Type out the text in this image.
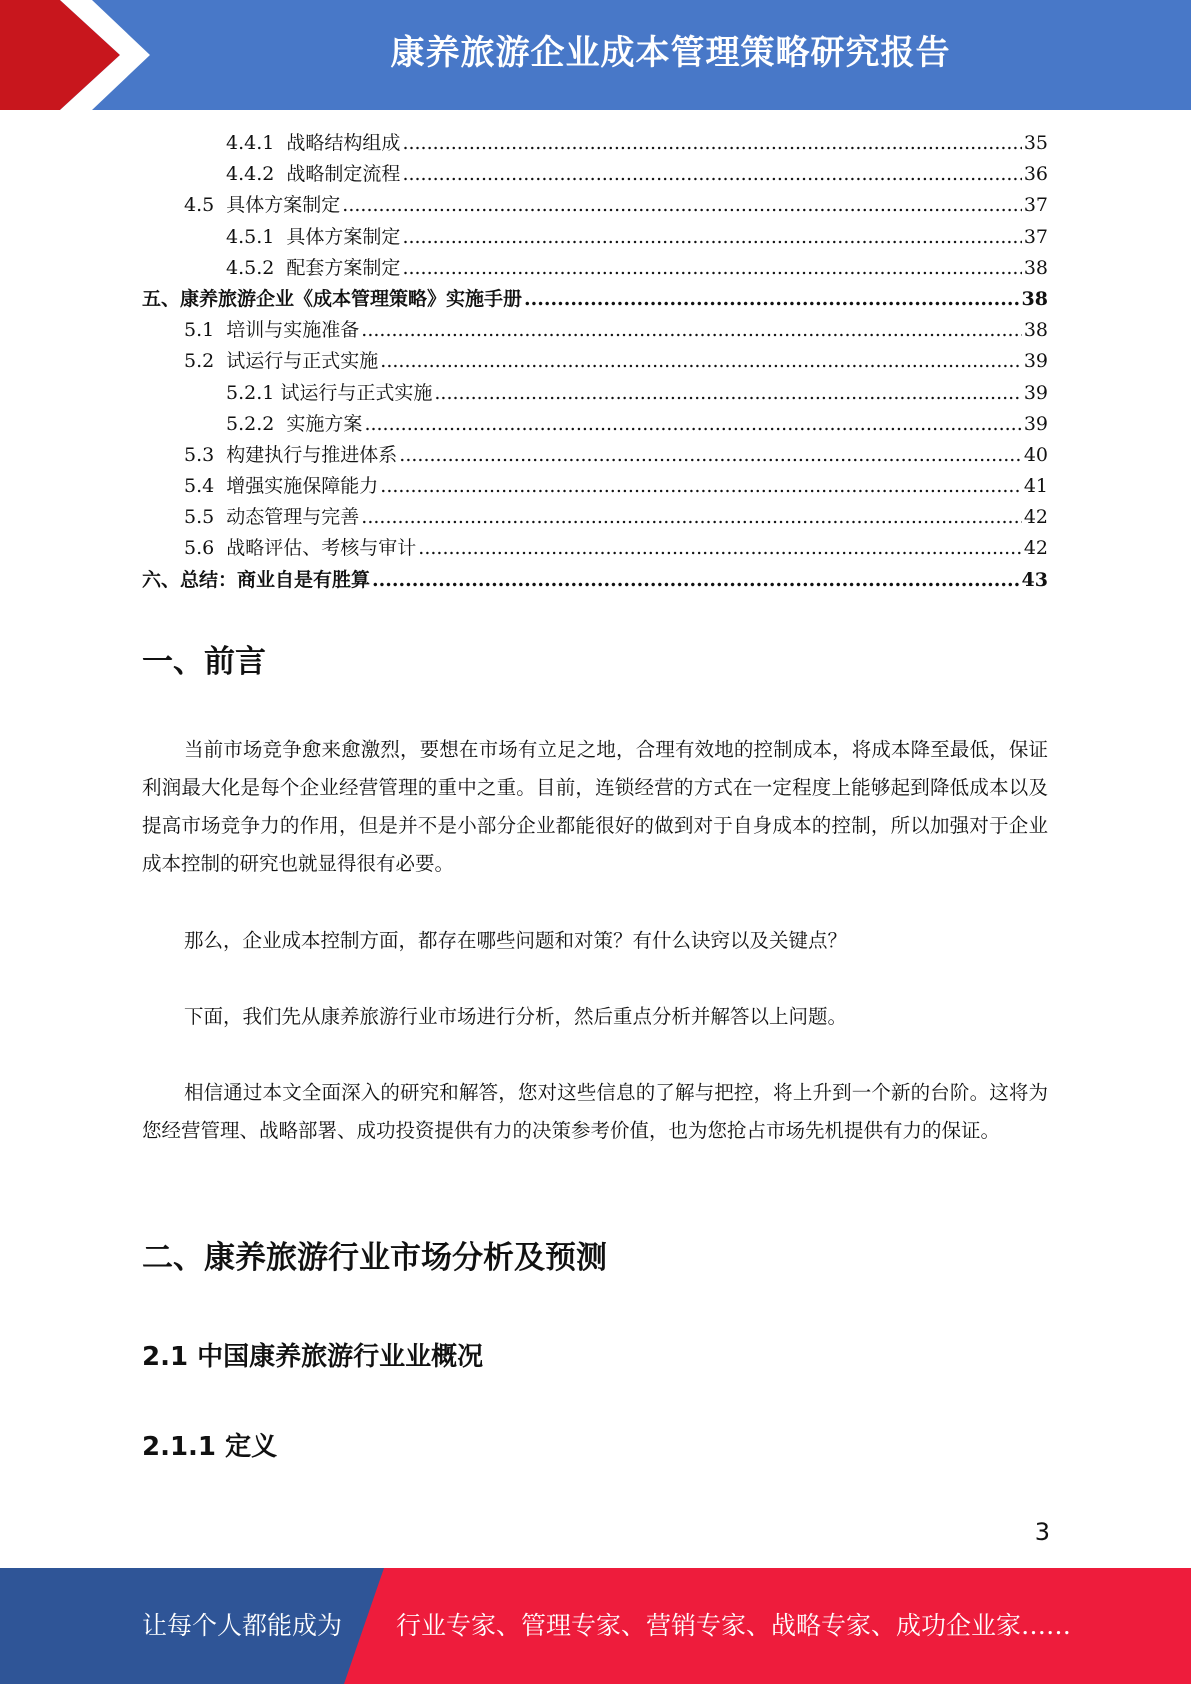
康养旅游企业成本管理策略研究报告
4.4.1  战略结构组成 .....	35
4.4.2  战略制定流程 .....	36
4.5  具体方案制定 .....	37
4.5.1  具体方案制定 .....	37
4.5.2  配套方案制定 .....	38
五、康养旅游企业《成本管理策略》实施手册 .....	38
5.1  培训与实施准备 .....	38
5.2  试运行与正式实施 .....	39
5.2.1 试运行与正式实施 .....	39
5.2.2  实施方案 .....	39
5.3  构建执行与推进体系 .....	40
5.4  增强实施保障能力 .....	41
5.5  动态管理与完善 .....	42
5.6  战略评估、考核与审计 .....	42
六、总结：商业自是有胜算 .....	43
一、前言

当前市场竞争愈来愈激烈，要想在市场有立足之地，合理有效地的控制成本，将成本降至最低，保证利润最大化是每个企业经营管理的重中之重。目前，连锁经营的方式在一定程度上能够起到降低成本以及提高市场竞争力的作用，但是并不是小部分企业都能很好的做到对于自身成本的控制，所以加强对于企业成本控制的研究也就显得很有必要。

那么，企业成本控制方面，都存在哪些问题和对策？有什么诀窍以及关键点？

下面，我们先从康养旅游行业市场进行分析，然后重点分析并解答以上问题。

相信通过本文全面深入的研究和解答，您对这些信息的了解与把控，将上升到一个新的台阶。这将为您经营管理、战略部署、成功投资提供有力的决策参考价值，也为您抢占市场先机提供有力的保证。

二、康养旅游行业市场分析及预测
2.1 中国康养旅游行业业概况
2.1.1 定义
3
让每个人都能成为 行业专家、管理专家、营销专家、战略专家、成功企业家……
